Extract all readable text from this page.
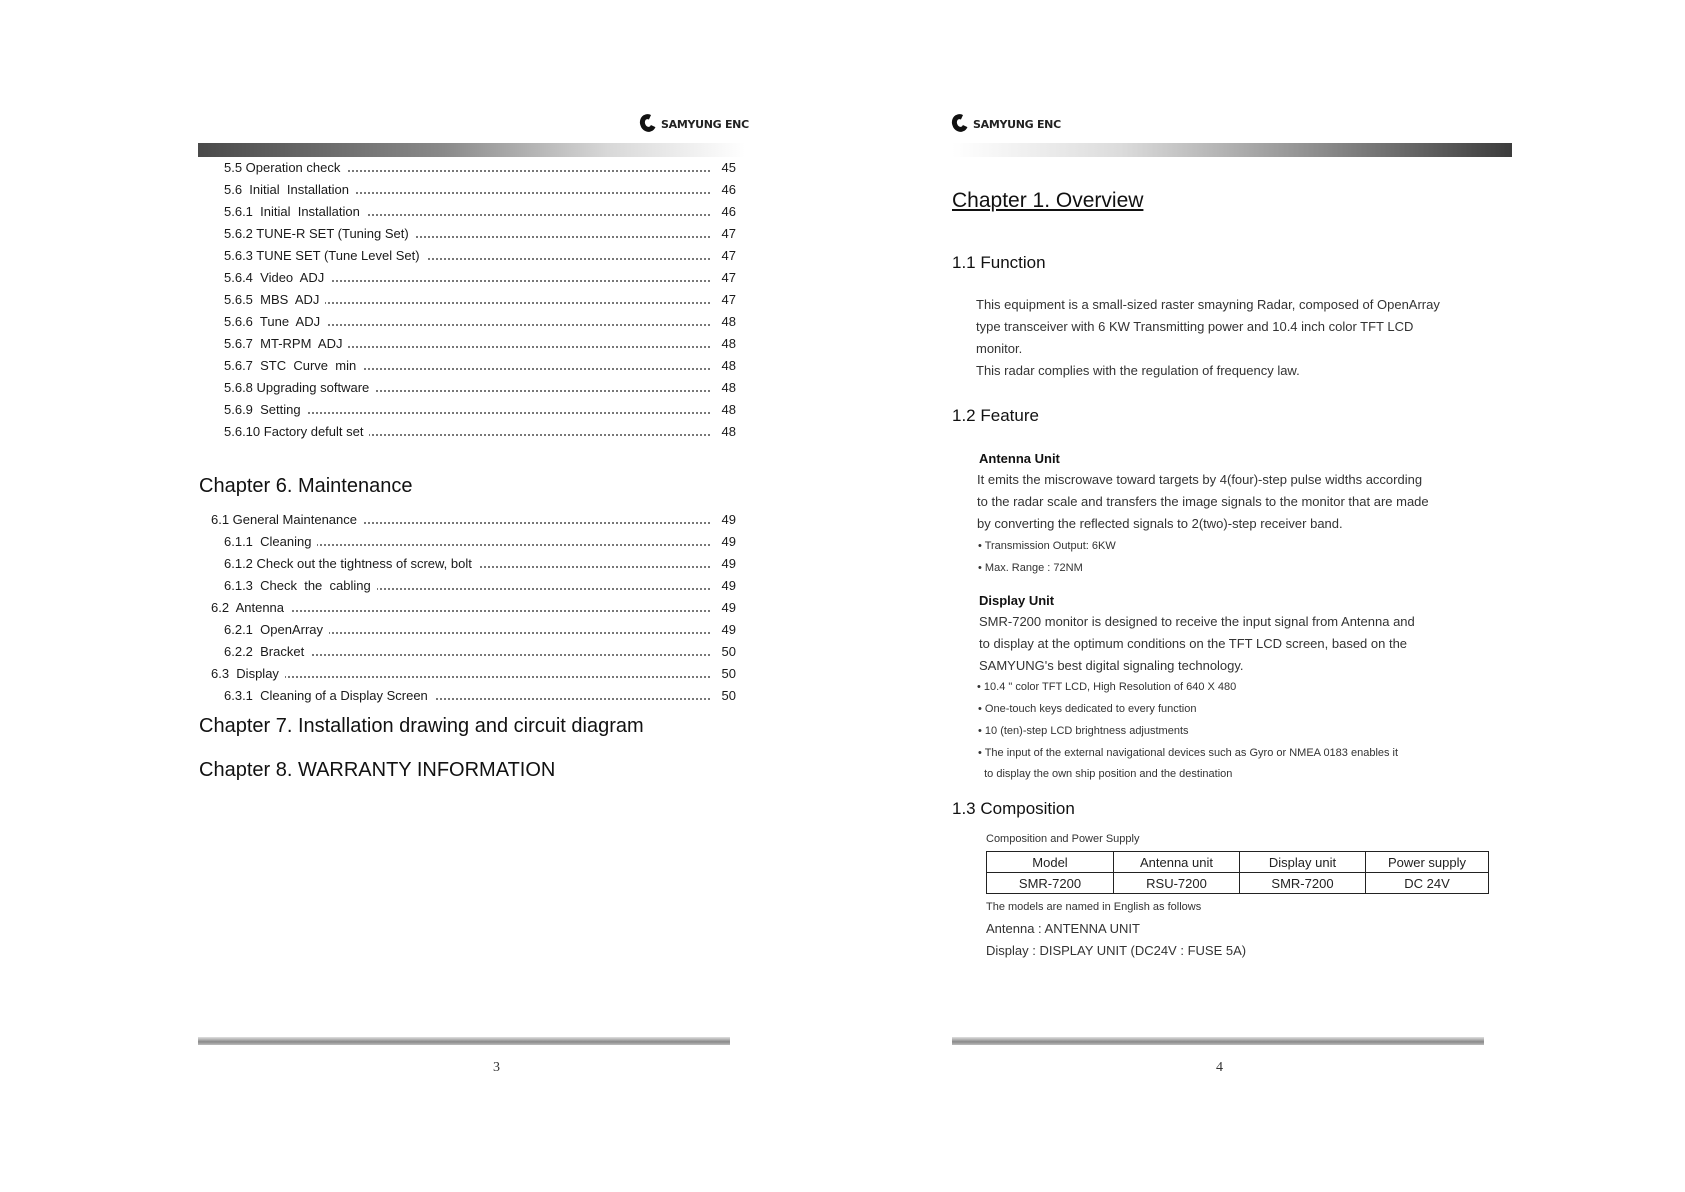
SAMYUNG ENC
5.5 Operation check	45
5.6  Initial  Installation	46
5.6.1  Initial  Installation	46
5.6.2 TUNE-R SET (Tuning Set)	47
5.6.3 TUNE SET (Tune Level Set)	47
5.6.4  Video  ADJ	47
5.6.5  MBS  ADJ	47
5.6.6  Tune  ADJ	48
5.6.7  MT-RPM  ADJ	48
5.6.7  STC  Curve  min	48
5.6.8 Upgrading software	48
5.6.9  Setting	48
5.6.10 Factory defult set	48
6.1 General Maintenance	49
6.1.1  Cleaning	49
6.1.2 Check out the tightness of screw, bolt	49
6.1.3  Check  the  cabling	49
6.2  Antenna	49
6.2.1  OpenArray	49
6.2.2  Bracket	50
6.3  Display	50
6.3.1  Cleaning of a Display Screen	50
Chapter 6. Maintenance
Chapter 7. Installation drawing and circuit diagram
Chapter 8. WARRANTY INFORMATION
3
SAMYUNG ENC
Chapter 1. Overview
1.1 Function
This equipment is a small-sized raster smayning Radar, composed of OpenArray
type transceiver with 6 KW Transmitting power and 10.4 inch color TFT LCD
monitor.
This radar complies with the regulation of frequency law.
1.2 Feature
Antenna Unit
It emits the miscrowave toward targets by 4(four)-step pulse widths according
to the radar scale and transfers the image signals to the monitor that are made
by converting the reflected signals to 2(two)-step receiver band.
• Transmission Output: 6KW
• Max. Range : 72NM
Display Unit
SMR-7200 monitor is designed to receive the input signal from Antenna and
to display at the optimum conditions on the TFT LCD screen, based on the
SAMYUNG's best digital signaling technology.
• 10.4 " color TFT LCD, High Resolution of 640 X 480
• One-touch keys dedicated to every function
• 10 (ten)-step LCD brightness adjustments
• The input of the external navigational devices such as Gyro or NMEA 0183 enables it
to display the own ship position and the destination
1.3 Composition
Composition and Power Supply
Model	Antenna unit	Display unit	Power supply
SMR-7200	RSU-7200	SMR-7200	DC 24V
The models are named in English as follows
Antenna : ANTENNA UNIT
Display : DISPLAY UNIT (DC24V : FUSE 5A)
4
